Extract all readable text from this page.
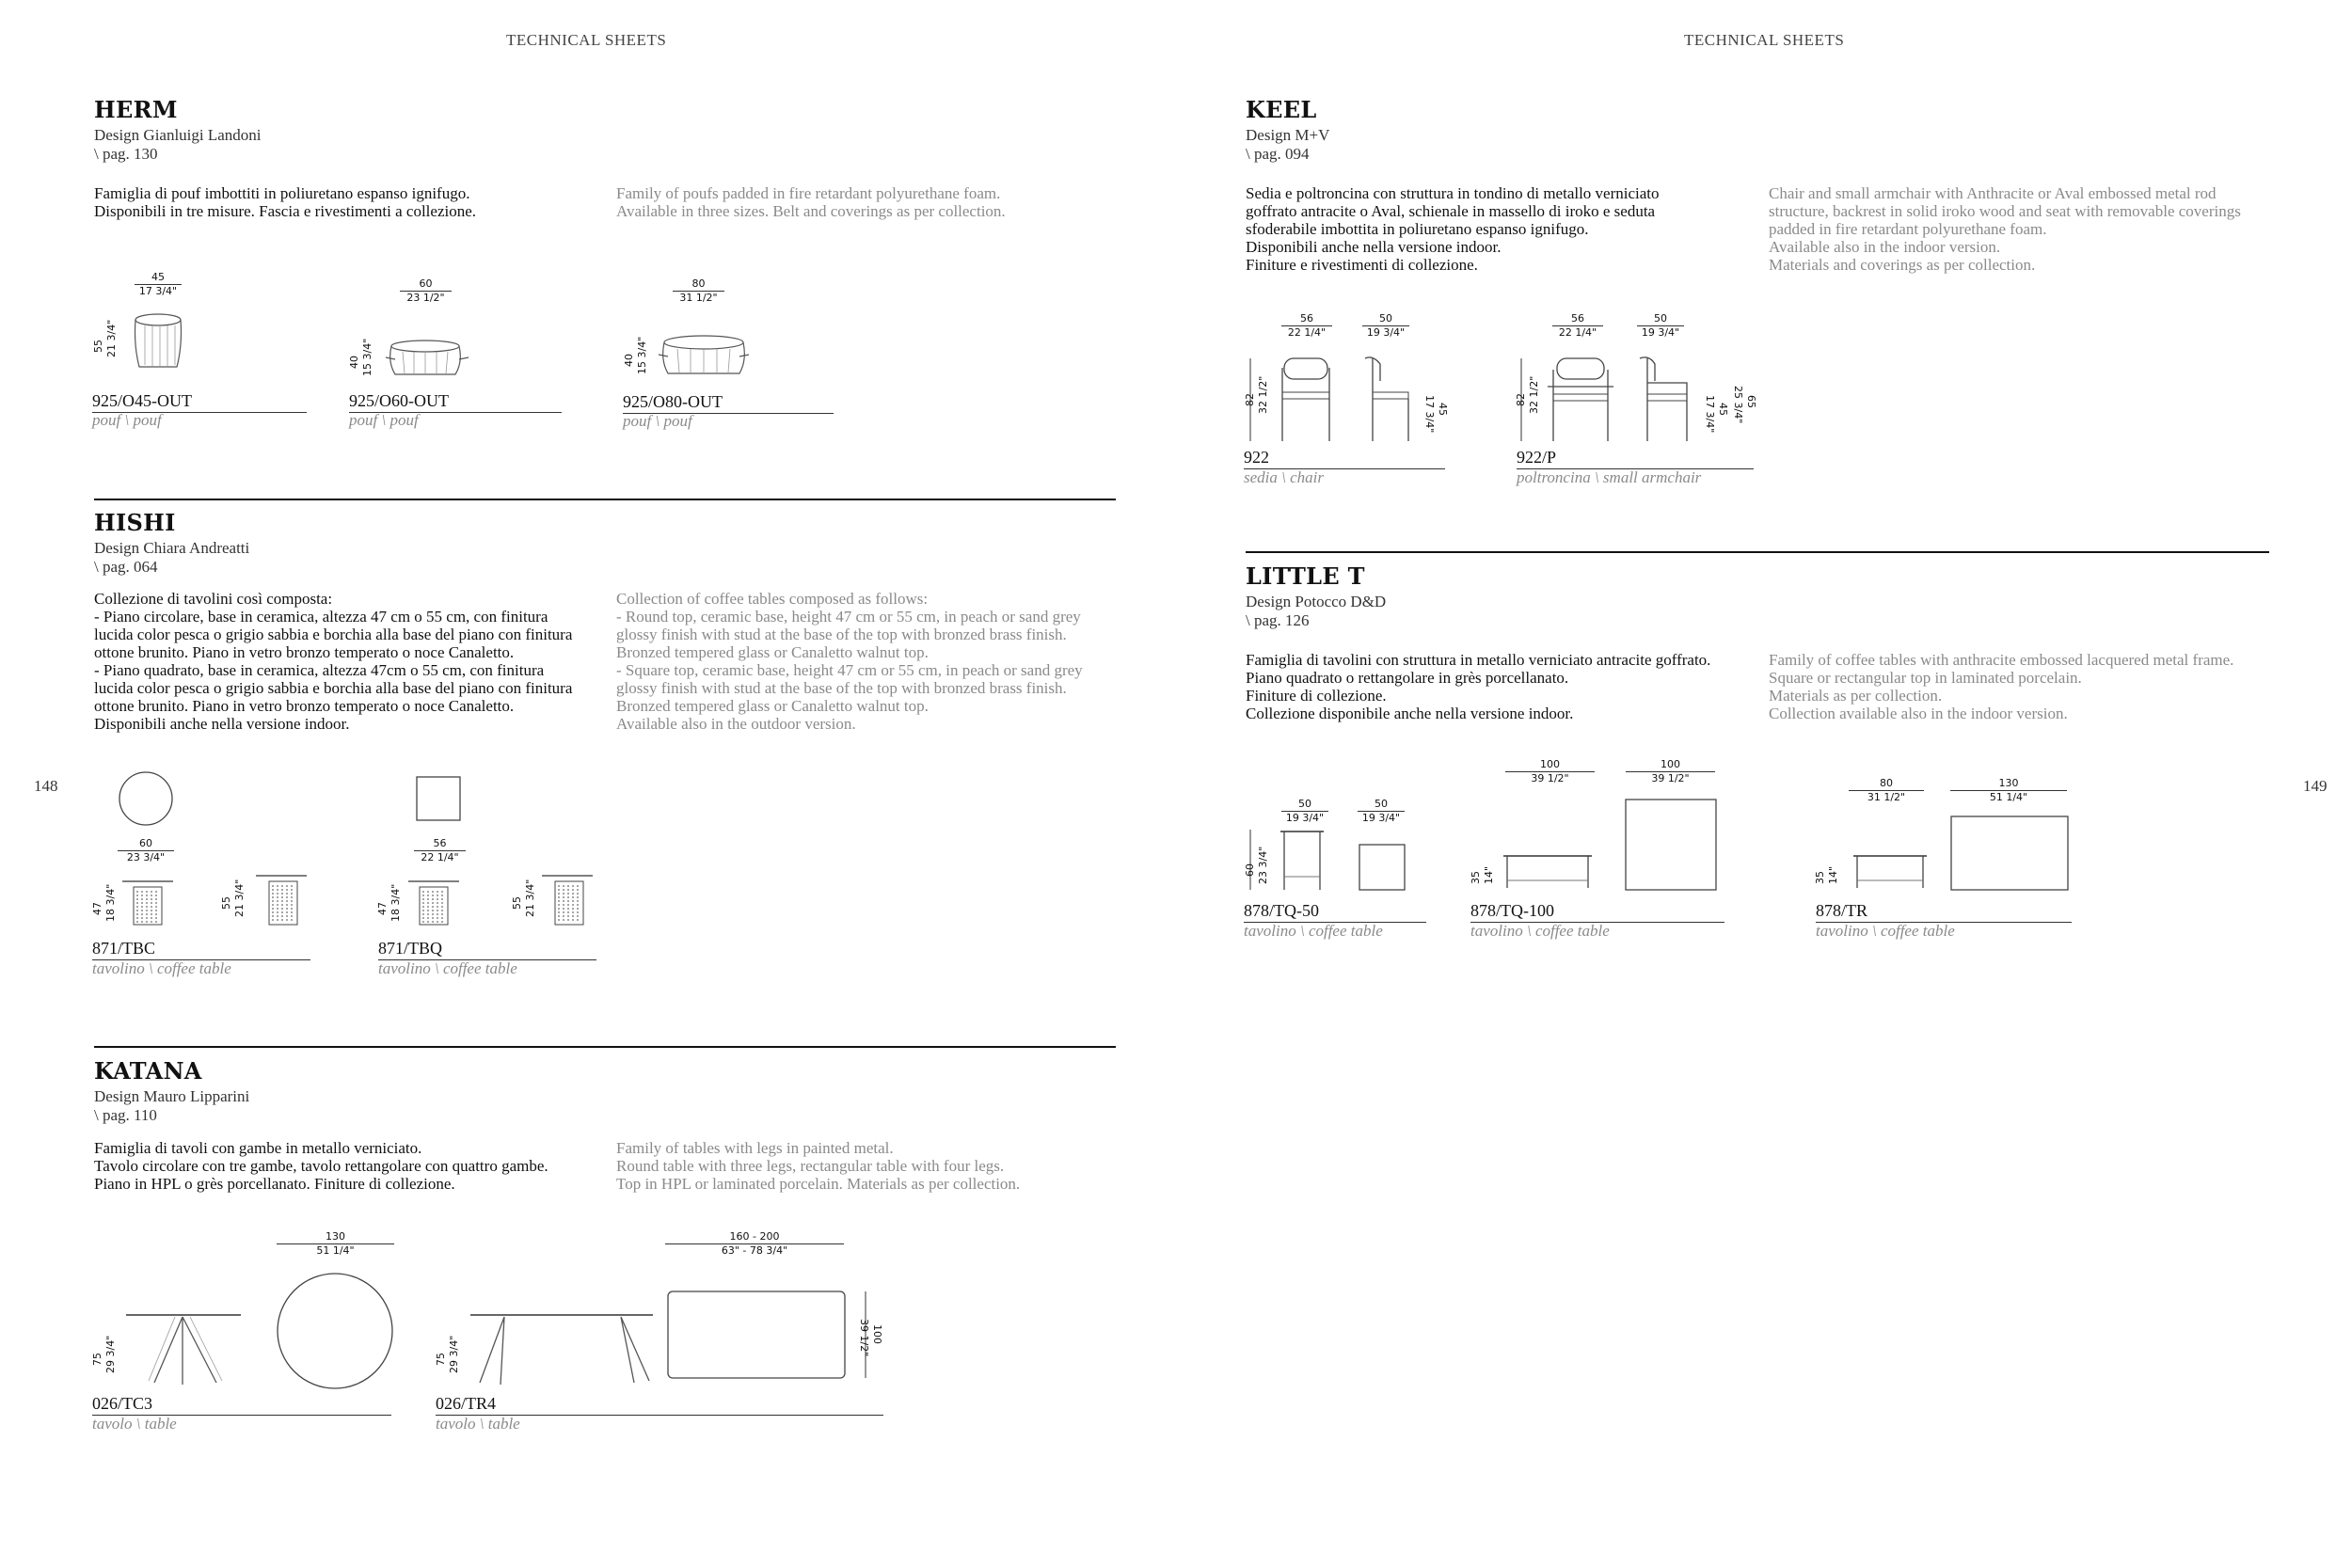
TECHNICAL SHEETS	TECHNICAL SHEETS
148	149
HERM
Design Gianluigi Landoni
\ pag. 130
Famiglia di pouf imbottiti in poliuretano espanso ignifugo.
Disponibili in tre misure. Fascia e rivestimenti a collezione.
Family of poufs padded in fire retardant polyurethane foam.
Available in three sizes. Belt and coverings as per collection.
45
17 3/4"
55 21 3/4"
925/O45-OUT
pouf \ pouf
60
23 1/2"
40 15 3/4"
925/O60-OUT
pouf \ pouf
80
31 1/2"
40 15 3/4"
925/O80-OUT
pouf \ pouf
HISHI
Design Chiara Andreatti
\ pag. 064
Collezione di tavolini così composta:
- Piano circolare, base in ceramica, altezza 47 cm o 55 cm, con finitura
lucida color pesca o grigio sabbia e borchia alla base del piano con finitura
ottone brunito. Piano in vetro bronzo temperato o noce Canaletto.
- Piano quadrato, base in ceramica, altezza 47cm o 55 cm, con finitura
lucida color pesca o grigio sabbia e borchia alla base del piano con finitura
ottone brunito. Piano in vetro bronzo temperato o noce Canaletto.
Disponibili anche nella versione indoor.
Collection of coffee tables composed as follows:
- Round top, ceramic base, height 47 cm or 55 cm, in peach or sand grey
glossy finish with stud at the base of the top with bronzed brass finish.
Bronzed tempered glass or Canaletto walnut top.
- Square top, ceramic base, height 47 cm or 55 cm, in peach or sand grey
glossy finish with stud at the base of the top with bronzed brass finish.
Bronzed tempered glass or Canaletto walnut top.
Available also in the outdoor version.
60
23 3/4"
47 18 3/4"	55 21 3/4"
871/TBC
tavolino \ coffee table
56
22 1/4"
47 18 3/4"	55 21 3/4"
871/TBQ
tavolino \ coffee table
KATANA
Design Mauro Lipparini
\ pag. 110
Famiglia di tavoli con gambe in metallo verniciato.
Tavolo circolare con tre gambe, tavolo rettangolare con quattro gambe.
Piano in HPL o grès porcellanato. Finiture di collezione.
Family of tables with legs in painted metal.
Round table with three legs, rectangular table with four legs.
Top in HPL or laminated porcelain. Materials as per collection.
130
51 1/4"
75 29 3/4"
026/TC3
tavolo \ table
160 - 200
63" - 78 3/4"
75 29 3/4"
100
39 1/2"
026/TR4
tavolo \ table
KEEL
Design M+V
\ pag. 094
Sedia e poltroncina con struttura in tondino di metallo verniciato
goffrato antracite o Aval, schienale in massello di iroko e seduta
sfoderabile imbottita in poliuretano espanso ignifugo.
Disponibili anche nella versione indoor.
Finiture e rivestimenti di collezione.
Chair and small armchair with Anthracite or Aval embossed metal rod
structure, backrest in solid iroko wood and seat with removable coverings
padded in fire retardant polyurethane foam.
Available also in the indoor version.
Materials and coverings as per collection.
56
22 1/4"
50
19 3/4"
82 32 1/2"	45
17 3/4"
922
sedia \ chair
56
22 1/4"
50
19 3/4"
82 32 1/2"	45
17 3/4"	65
25 3/4"
922/P
poltroncina \ small armchair
LITTLE T
Design Potocco D&D
\ pag. 126
Famiglia di tavolini con struttura in metallo verniciato antracite goffrato.
Piano quadrato o rettangolare in grès porcellanato.
Finiture di collezione.
Collezione disponibile anche nella versione indoor.
Family of coffee tables with anthracite embossed lacquered metal frame.
Square or rectangular top in laminated porcelain.
Materials as per collection.
Collection available also in the indoor version.
50
19 3/4"
50
19 3/4"
60 23 3/4"
878/TQ-50
tavolino \ coffee table
100
39 1/2"
100
39 1/2"
35 14"
878/TQ-100
tavolino \ coffee table
80
31 1/2"
130
51 1/4"
35 14"
878/TR
tavolino \ coffee table
